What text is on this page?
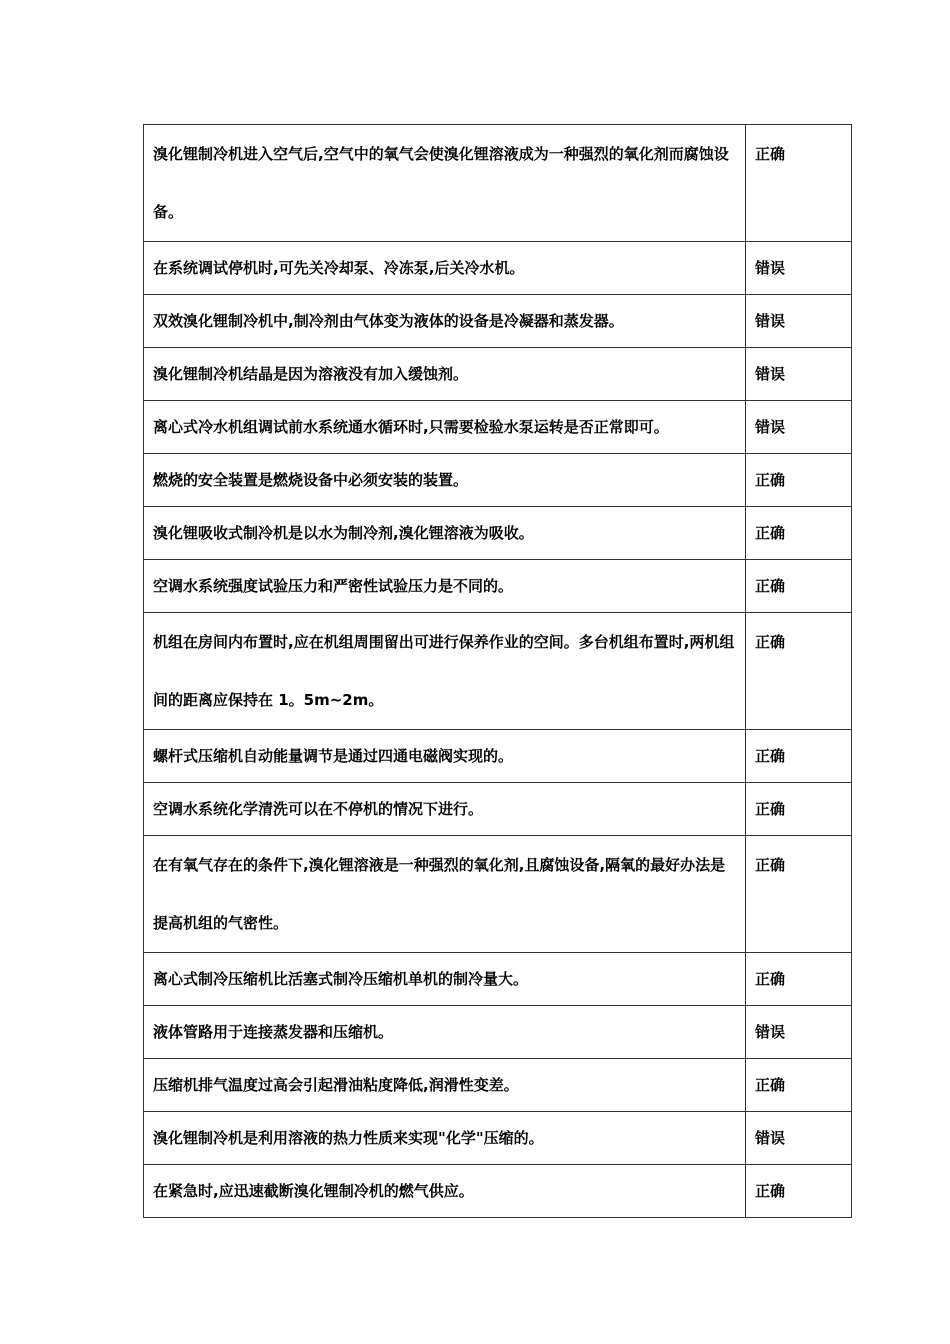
溴化锂制冷机进入空气后,空气中的氧气会使溴化锂溶液成为一种强烈的氧化剂而腐蚀设备。	正确
在系统调试停机时,可先关冷却泵、冷冻泵,后关冷水机。	错误
双效溴化锂制冷机中,制冷剂由气体变为液体的设备是冷凝器和蒸发器。	错误
溴化锂制冷机结晶是因为溶液没有加入缓蚀剂。	错误
离心式冷水机组调试前水系统通水循环时,只需要检验水泵运转是否正常即可。	错误
燃烧的安全装置是燃烧设备中必须安装的装置。	正确
溴化锂吸收式制冷机是以水为制冷剂,溴化锂溶液为吸收。	正确
空调水系统强度试验压力和严密性试验压力是不同的。	正确
机组在房间内布置时,应在机组周围留出可进行保养作业的空间。多台机组布置时,两机组间的距离应保持在 1。5m~2m。	正确
螺杆式压缩机自动能量调节是通过四通电磁阀实现的。	正确
空调水系统化学清洗可以在不停机的情况下进行。	正确
在有氧气存在的条件下,溴化锂溶液是一种强烈的氧化剂,且腐蚀设备,隔氧的最好办法是提高机组的气密性。	正确
离心式制冷压缩机比活塞式制冷压缩机单机的制冷量大。	正确
液体管路用于连接蒸发器和压缩机。	错误
压缩机排气温度过高会引起滑油粘度降低,润滑性变差。	正确
溴化锂制冷机是利用溶液的热力性质来实现"化学"压缩的。	错误
在紧急时,应迅速截断溴化锂制冷机的燃气供应。	正确
